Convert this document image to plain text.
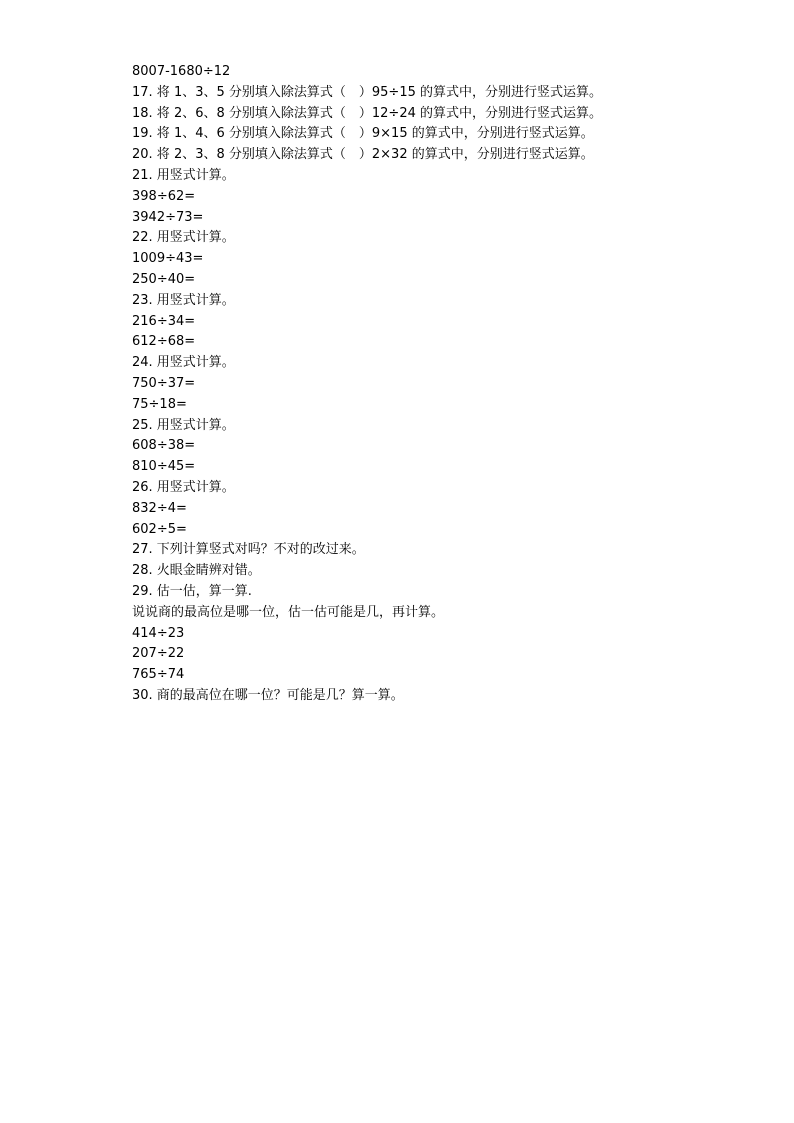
8007-1680÷12
17. 将 1、3、5 分别填入除法算式（　）95÷15 的算式中，分别进行竖式运算。
18. 将 2、6、8 分别填入除法算式（　）12÷24 的算式中，分别进行竖式运算。
19. 将 1、4、6 分别填入除法算式（　）9×15 的算式中，分别进行竖式运算。
20. 将 2、3、8 分别填入除法算式（　）2×32 的算式中，分别进行竖式运算。
21. 用竖式计算。
398÷62=
3942÷73=
22. 用竖式计算。
1009÷43=
250÷40=
23. 用竖式计算。
216÷34=
612÷68=
24. 用竖式计算。
750÷37=
75÷18=
25. 用竖式计算。
608÷38=
810÷45=
26. 用竖式计算。
832÷4=
602÷5=
27. 下列计算竖式对吗？不对的改过来。
28. 火眼金睛辨对错。
29. 估一估，算一算.
说说商的最高位是哪一位，估一估可能是几，再计算。
414÷23
207÷22
765÷74
30. 商的最高位在哪一位？可能是几？算一算。
